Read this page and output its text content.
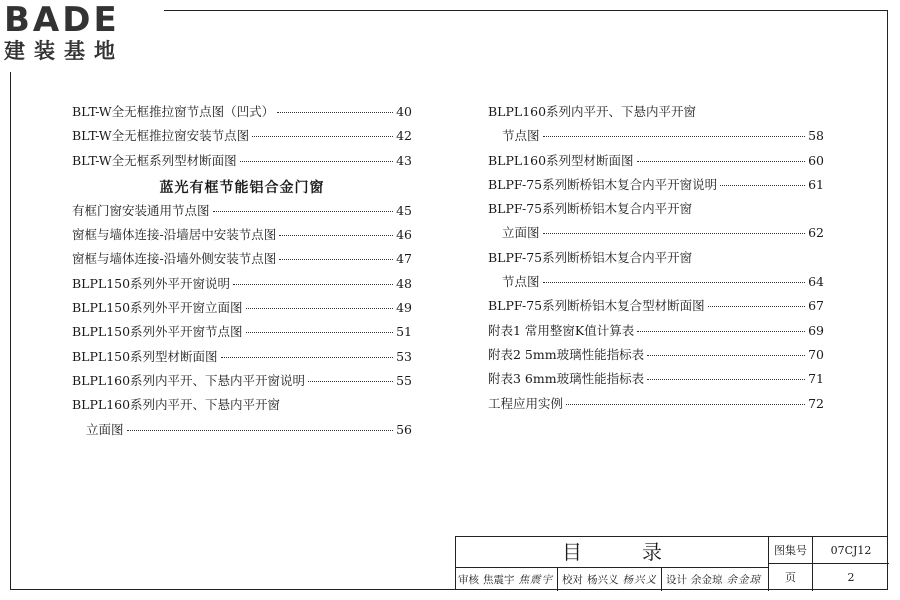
BADE
建装基地
BLT-W全无框推拉窗节点图（凹式）	40
BLT-W全无框推拉窗安装节点图	42
BLT-W全无框系列型材断面图	43
蓝光有框节能铝合金门窗
有框门窗安装通用节点图	45
窗框与墙体连接-沿墙居中安装节点图	46
窗框与墙体连接-沿墙外侧安装节点图	47
BLPL150系列外平开窗说明	48
BLPL150系列外平开窗立面图	49
BLPL150系列外平开窗节点图	51
BLPL150系列型材断面图	53
BLPL160系列内平开、下悬内平开窗说明	55
BLPL160系列内平开、下悬内平开窗
立面图	56
BLPL160系列内平开、下悬内平开窗
节点图	58
BLPL160系列型材断面图	60
BLPF-75系列断桥铝木复合内平开窗说明	61
BLPF-75系列断桥铝木复合内平开窗
立面图	62
BLPF-75系列断桥铝木复合内平开窗
节点图	64
BLPF-75系列断桥铝木复合型材断面图	67
附表1 常用整窗K值计算表	69
附表2 5mm玻璃性能指标表	70
附表3 6mm玻璃性能指标表	71
工程应用实例	72
目录
审核 焦震宇 焦震宇 校对 杨兴义 杨兴义 设计 余金琼 余金琼
图集号	07CJ12
页	2
